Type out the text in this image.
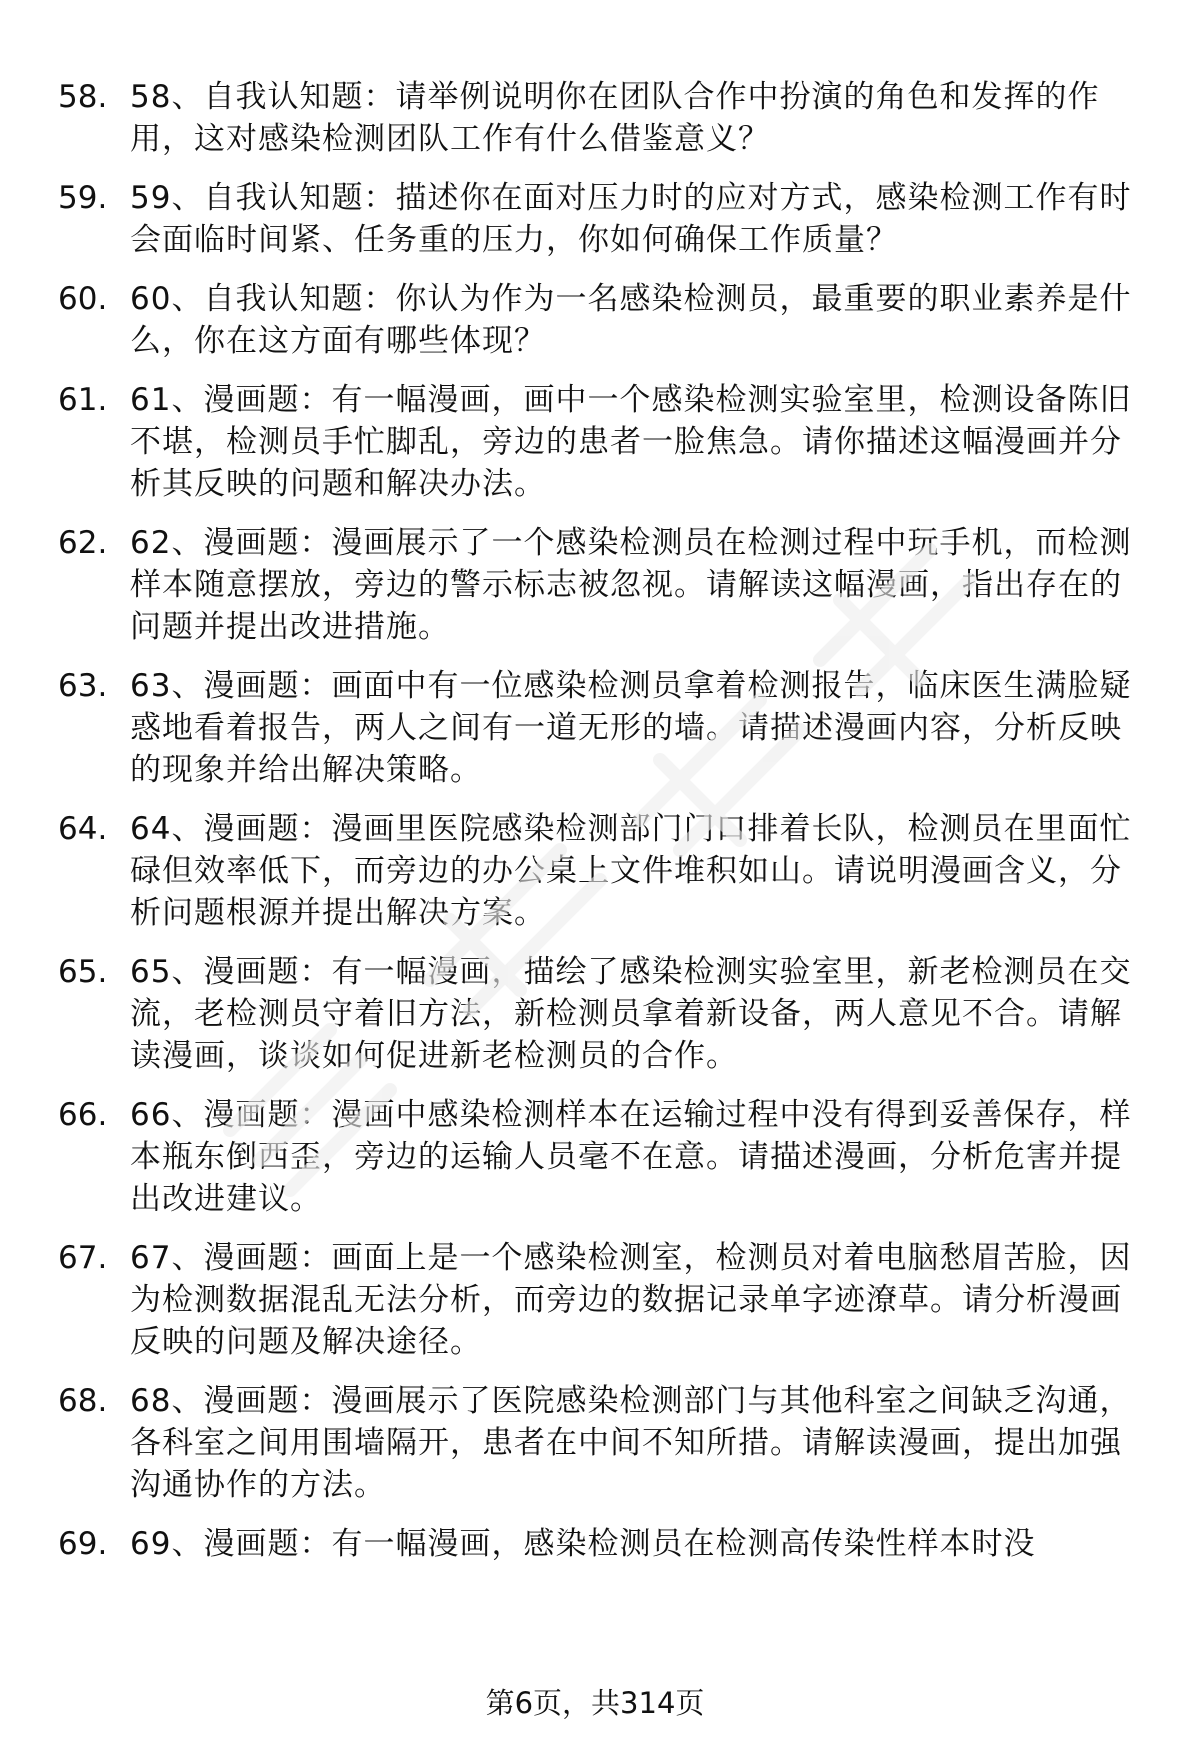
58. 58、自我认知题：请举例说明你在团队合作中扮演的角色和发挥的作用，这对感染检测团队工作有什么借鉴意义？
59. 59、自我认知题：描述你在面对压力时的应对方式，感染检测工作有时会面临时间紧、任务重的压力，你如何确保工作质量？
60. 60、自我认知题：你认为作为一名感染检测员，最重要的职业素养是什么，你在这方面有哪些体现？
61. 61、漫画题：有一幅漫画，画中一个感染检测实验室里，检测设备陈旧不堪，检测员手忙脚乱，旁边的患者一脸焦急。请你描述这幅漫画并分析其反映的问题和解决办法。
62. 62、漫画题：漫画展示了一个感染检测员在检测过程中玩手机，而检测样本随意摆放，旁边的警示标志被忽视。请解读这幅漫画，指出存在的问题并提出改进措施。
63. 63、漫画题：画面中有一位感染检测员拿着检测报告，临床医生满脸疑惑地看着报告，两人之间有一道无形的墙。请描述漫画内容，分析反映的现象并给出解决策略。
64. 64、漫画题：漫画里医院感染检测部门门口排着长队，检测员在里面忙碌但效率低下，而旁边的办公桌上文件堆积如山。请说明漫画含义，分析问题根源并提出解决方案。
65. 65、漫画题：有一幅漫画，描绘了感染检测实验室里，新老检测员在交流，老检测员守着旧方法，新检测员拿着新设备，两人意见不合。请解读漫画，谈谈如何促进新老检测员的合作。
66. 66、漫画题：漫画中感染检测样本在运输过程中没有得到妥善保存，样本瓶东倒西歪，旁边的运输人员毫不在意。请描述漫画，分析危害并提出改进建议。
67. 67、漫画题：画面上是一个感染检测室，检测员对着电脑愁眉苦脸，因为检测数据混乱无法分析，而旁边的数据记录单字迹潦草。请分析漫画反映的问题及解决途径。
68. 68、漫画题：漫画展示了医院感染检测部门与其他科室之间缺乏沟通，各科室之间用围墙隔开，患者在中间不知所措。请解读漫画，提出加强沟通协作的方法。
69. 69、漫画题：有一幅漫画，感染检测员在检测高传染性样本时没
第6页，共314页
